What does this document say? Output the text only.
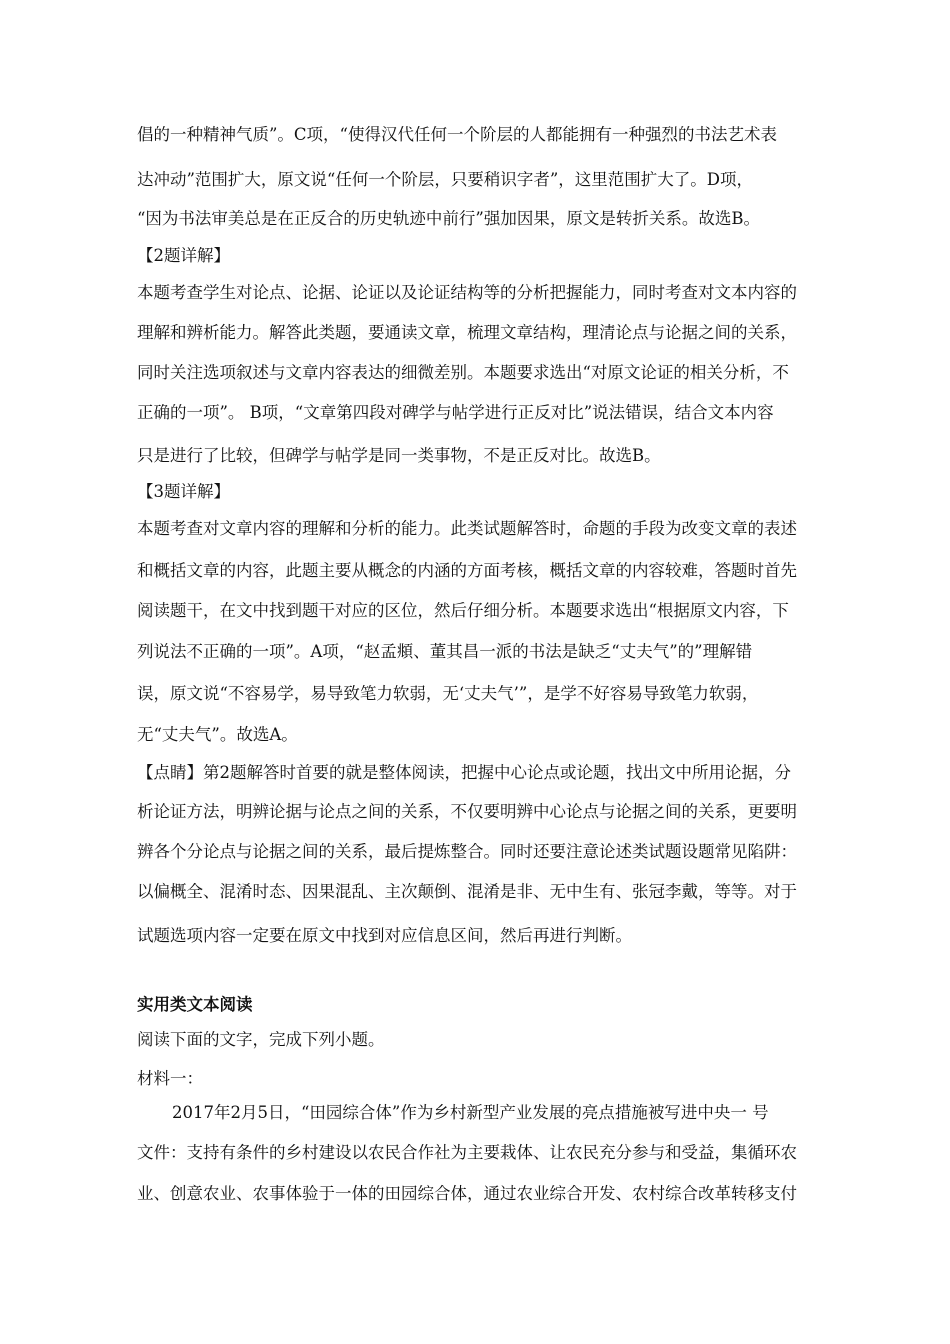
倡的一种精神气质”。C项，“使得汉代任何一个阶层的人都能拥有一种强烈的书法艺术表
达冲动”范围扩大，原文说“任何一个阶层，只要稍识字者”，这里范围扩大了。D项，
“因为书法审美总是在正反合的历史轨迹中前行”强加因果，原文是转折关系。故选B。
【2题详解】
本题考查学生对论点、论据、论证以及论证结构等的分析把握能力，同时考查对文本内容的
理解和辨析能力。解答此类题，要通读文章，梳理文章结构，理清论点与论据之间的关系，
同时关注选项叙述与文章内容表达的细微差别。本题要求选出“对原文论证的相关分析，不
正确的一项”。 B项，“文章第四段对碑学与帖学进行正反对比”说法错误，结合文本内容
只是进行了比较，但碑学与帖学是同一类事物，不是正反对比。故选B。
【3题详解】
本题考查对文章内容的理解和分析的能力。此类试题解答时，命题的手段为改变文章的表述
和概括文章的内容，此题主要从概念的内涵的方面考核，概括文章的内容较难，答题时首先
阅读题干，在文中找到题干对应的区位，然后仔细分析。本题要求选出“根据原文内容，下
列说法不正确的一项”。A项，“赵孟頫、董其昌一派的书法是缺乏“丈夫气”的”理解错
误，原文说“不容易学，易导致笔力软弱，无‘丈夫气’”，是学不好容易导致笔力软弱，
无“丈夫气”。故选A。
【点睛】第2题解答时首要的就是整体阅读，把握中心论点或论题，找出文中所用论据，分
析论证方法，明辨论据与论点之间的关系，不仅要明辨中心论点与论据之间的关系，更要明
辨各个分论点与论据之间的关系，最后提炼整合。同时还要注意论述类试题设题常见陷阱：
以偏概全、混淆时态、因果混乱、主次颠倒、混淆是非、无中生有、张冠李戴，等等。对于
试题选项内容一定要在原文中找到对应信息区间，然后再进行判断。
实用类文本阅读
阅读下面的文字，完成下列小题。
材料一：
2017年2月5日，“田园综合体”作为乡村新型产业发展的亮点措施被写进中央一 号
文件：支持有条件的乡村建设以农民合作社为主要栽体、让农民充分参与和受益，集循环农
业、创意农业、农事体验于一体的田园综合体，通过农业综合开发、农村综合改革转移支付
